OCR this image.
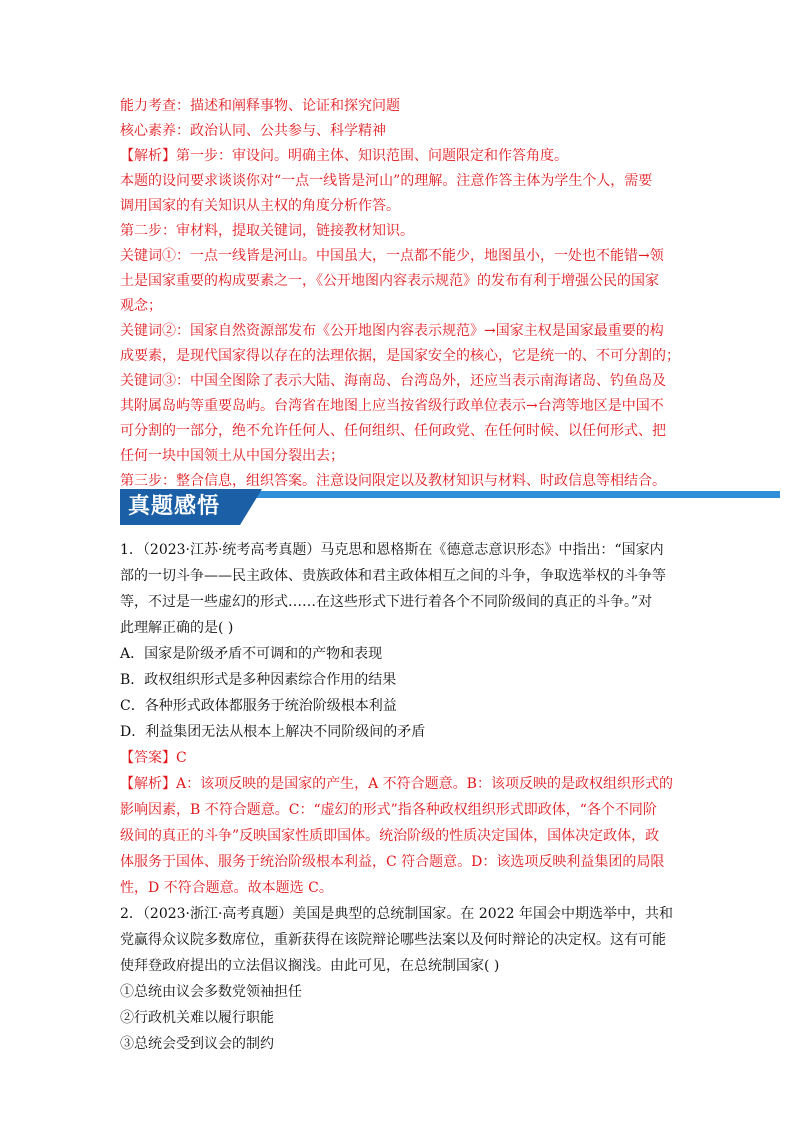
能力考查：描述和阐释事物、论证和探究问题
核心素养：政治认同、公共参与、科学精神
【解析】第一步：审设问。明确主体、知识范围、问题限定和作答角度。
本题的设问要求谈谈你对“一点一线皆是河山”的理解。注意作答主体为学生个人，需要
调用国家的有关知识从主权的角度分析作答。
第二步：审材料，提取关键词，链接教材知识。
关键词①：一点一线皆是河山。中国虽大，一点都不能少，地图虽小，一处也不能错→领
土是国家重要的构成要素之一，《公开地图内容表示规范》的发布有利于增强公民的国家
观念；
关键词②：国家自然资源部发布《公开地图内容表示规范》→国家主权是国家最重要的构
成要素，是现代国家得以存在的法理依据，是国家安全的核心，它是统一的、不可分割的；
关键词③：中国全图除了表示大陆、海南岛、台湾岛外，还应当表示南海诸岛、钓鱼岛及
其附属岛屿等重要岛屿。台湾省在地图上应当按省级行政单位表示→台湾等地区是中国不
可分割的一部分，绝不允许任何人、任何组织、任何政党、在任何时候、以任何形式、把
任何一块中国领土从中国分裂出去；
第三步：整合信息，组织答案。注意设问限定以及教材知识与材料、时政信息等相结合。
真题感悟
1．（2023·江苏·统考高考真题）马克思和恩格斯在《德意志意识形态》中指出：“国家内
部的一切斗争——民主政体、贵族政体和君主政体相互之间的斗争，争取选举权的斗争等
等，不过是一些虚幻的形式……在这些形式下进行着各个不同阶级间的真正的斗争。”对
此理解正确的是( )
A．国家是阶级矛盾不可调和的产物和表现
B．政权组织形式是多种因素综合作用的结果
C．各种形式政体都服务于统治阶级根本利益
D．利益集团无法从根本上解决不同阶级间的矛盾
【答案】C
【解析】A：该项反映的是国家的产生，A 不符合题意。B：该项反映的是政权组织形式的
影响因素，B 不符合题意。C：“虚幻的形式”指各种政权组织形式即政体，“各个不同阶
级间的真正的斗争”反映国家性质即国体。统治阶级的性质决定国体，国体决定政体，政
体服务于国体、服务于统治阶级根本利益，C 符合题意。D：该选项反映利益集团的局限
性，D 不符合题意。故本题选 C。
2．（2023·浙江·高考真题）美国是典型的总统制国家。在 2022 年国会中期选举中，共和
党赢得众议院多数席位，重新获得在该院辩论哪些法案以及何时辩论的决定权。这有可能
使拜登政府提出的立法倡议搁浅。由此可见，在总统制国家( )
①总统由议会多数党领袖担任
②行政机关难以履行职能
③总统会受到议会的制约
